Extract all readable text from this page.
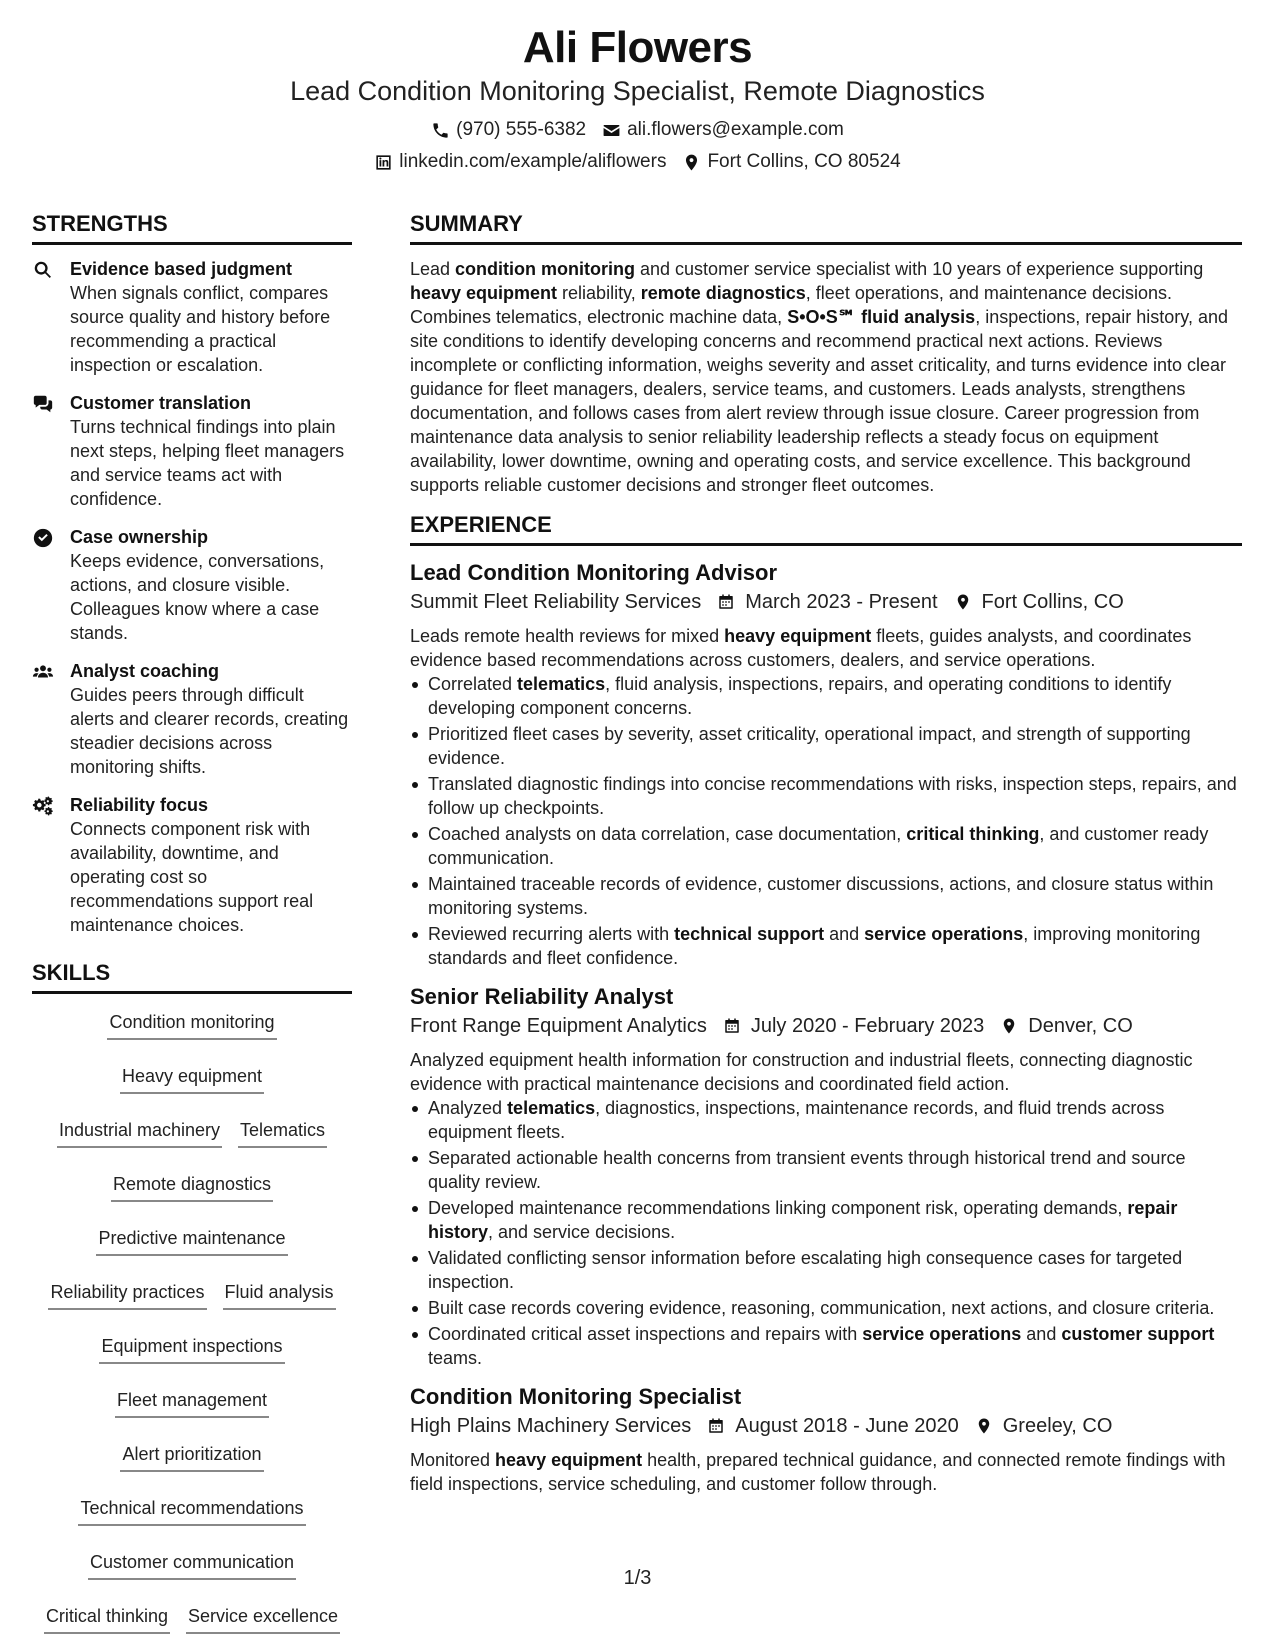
Ali Flowers
Lead Condition Monitoring Specialist, Remote Diagnostics
(970) 555-6382 ali.flowers@example.com
linkedin.com/example/aliflowers Fort Collins, CO 80524
STRENGTHS
Evidence based judgment
When signals conflict, compares source quality and history before recommending a practical inspection or escalation.
Customer translation
Turns technical findings into plain next steps, helping fleet managers and service teams act with confidence.
Case ownership
Keeps evidence, conversations, actions, and closure visible. Colleagues know where a case stands.
Analyst coaching
Guides peers through difficult alerts and clearer records, creating steadier decisions across monitoring shifts.
Reliability focus
Connects component risk with availability, downtime, and operating cost so recommendations support real maintenance choices.
SKILLS
Condition monitoring
Heavy equipment
Industrial machinery Telematics
Remote diagnostics
Predictive maintenance
Reliability practices Fluid analysis
Equipment inspections
Fleet management
Alert prioritization
Technical recommendations
Customer communication
Critical thinking Service excellence
SUMMARY
Lead condition monitoring and customer service specialist with 10 years of experience supporting heavy equipment reliability, remote diagnostics, fleet operations, and maintenance decisions. Combines telematics, electronic machine data, S•O•S℠ fluid analysis, inspections, repair history, and site conditions to identify developing concerns and recommend practical next actions. Reviews incomplete or conflicting information, weighs severity and asset criticality, and turns evidence into clear guidance for fleet managers, dealers, service teams, and customers. Leads analysts, strengthens documentation, and follows cases from alert review through issue closure. Career progression from maintenance data analysis to senior reliability leadership reflects a steady focus on equipment availability, lower downtime, owning and operating costs, and service excellence. This background supports reliable customer decisions and stronger fleet outcomes.
EXPERIENCE
Lead Condition Monitoring Advisor
Summit Fleet Reliability Services March 2023 - Present Fort Collins, CO
Leads remote health reviews for mixed heavy equipment fleets, guides analysts, and coordinates evidence based recommendations across customers, dealers, and service operations.
Correlated telematics, fluid analysis, inspections, repairs, and operating conditions to identify developing component concerns.
Prioritized fleet cases by severity, asset criticality, operational impact, and strength of supporting evidence.
Translated diagnostic findings into concise recommendations with risks, inspection steps, repairs, and follow up checkpoints.
Coached analysts on data correlation, case documentation, critical thinking, and customer ready communication.
Maintained traceable records of evidence, customer discussions, actions, and closure status within monitoring systems.
Reviewed recurring alerts with technical support and service operations, improving monitoring standards and fleet confidence.
Senior Reliability Analyst
Front Range Equipment Analytics July 2020 - February 2023 Denver, CO
Analyzed equipment health information for construction and industrial fleets, connecting diagnostic evidence with practical maintenance decisions and coordinated field action.
Analyzed telematics, diagnostics, inspections, maintenance records, and fluid trends across equipment fleets.
Separated actionable health concerns from transient events through historical trend and source quality review.
Developed maintenance recommendations linking component risk, operating demands, repair history, and service decisions.
Validated conflicting sensor information before escalating high consequence cases for targeted inspection.
Built case records covering evidence, reasoning, communication, next actions, and closure criteria.
Coordinated critical asset inspections and repairs with service operations and customer support teams.
Condition Monitoring Specialist
High Plains Machinery Services August 2018 - June 2020 Greeley, CO
Monitored heavy equipment health, prepared technical guidance, and connected remote findings with field inspections, service scheduling, and customer follow through.
1/3
